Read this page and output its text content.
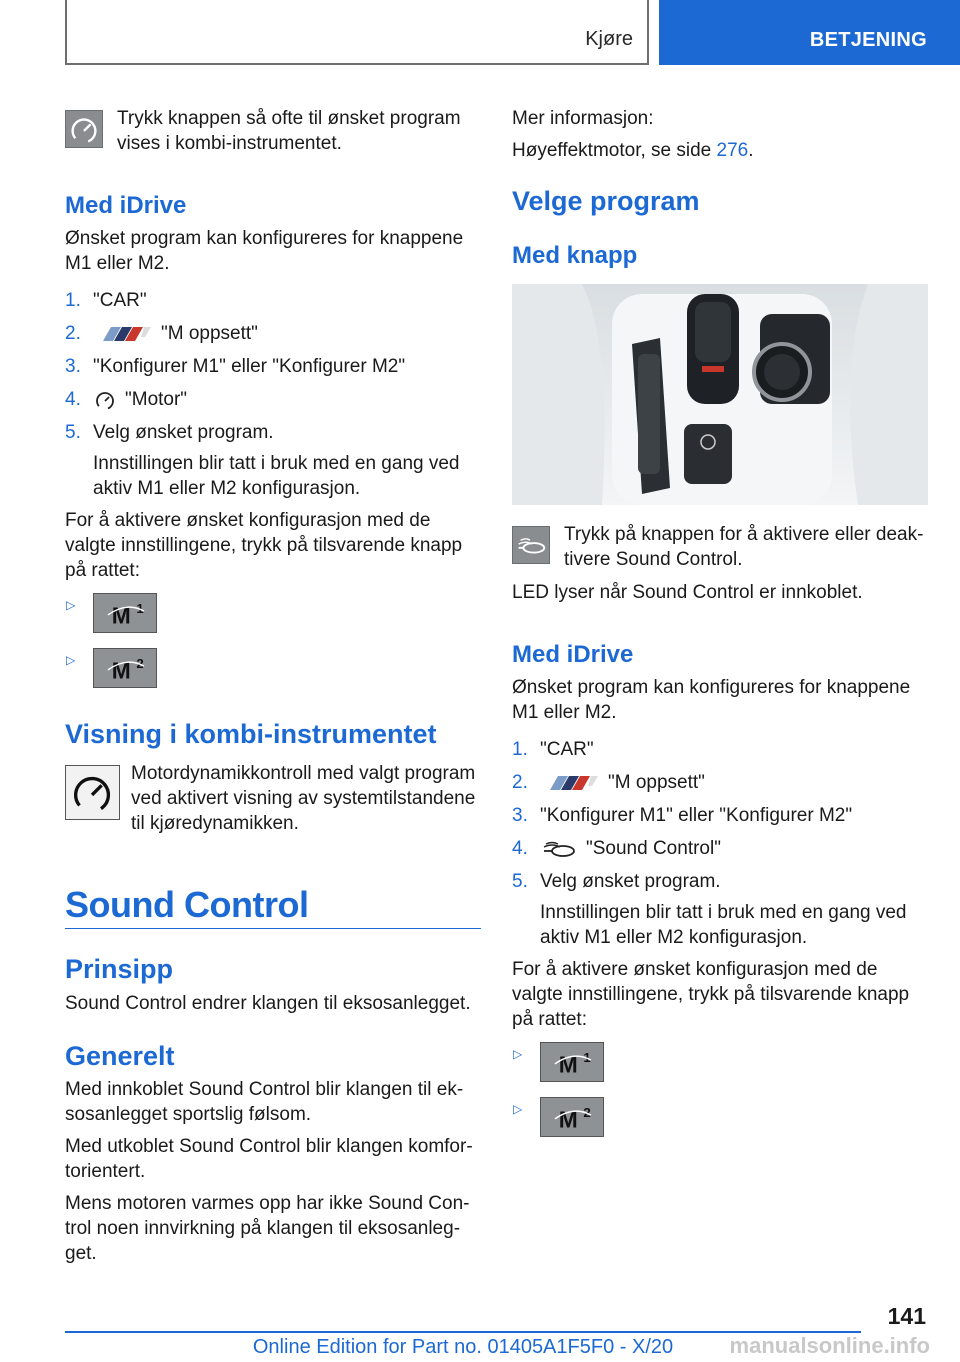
Kjøre	BETJENING
Trykk knappen så ofte til ønsket program vises i kombi-instrumentet.
Med iDrive
Ønsket program kan konfigureres for knappene M1 eller M2.
1. "CAR"
2.	"M oppsett"
3. "Konfigurer M1" eller "Konfigurer M2"
4. "Motor"
5. Velg ønsket program.
Innstillingen blir tatt i bruk med en gang ved aktiv M1 eller M2 konfigurasjon.
For å aktivere ønsket konfigurasjon med de valgte innstillingene, trykk på tilsvarende knapp på rattet:
▷ M 1
▷ M 2
Visning i kombi-instrumentet
Motordynamikkontroll med valgt program ved aktivert visning av systemtilstandene til kjøredynamikken.
Sound Control
Prinsipp
Sound Control endrer klangen til eksosanlegget.
Generelt
Med innkoblet Sound Control blir klangen til eksosanlegget sportslig følsom.
Med utkoblet Sound Control blir klangen komfortorientert.
Mens motoren varmes opp har ikke Sound Control noen innvirkning på klangen til eksosanlegget.
Mer informasjon:
Høyeffektmotor, se side 276.
Velge program
Med knapp
Trykk på knappen for å aktivere eller deaktivere Sound Control.
LED lyser når Sound Control er innkoblet.
Med iDrive
Ønsket program kan konfigureres for knappene M1 eller M2.
1. "CAR"
2.	"M oppsett"
3. "Konfigurer M1" eller "Konfigurer M2"
4.	"Sound Control"
5. Velg ønsket program.
Innstillingen blir tatt i bruk med en gang ved aktiv M1 eller M2 konfigurasjon.
For å aktivere ønsket konfigurasjon med de valgte innstillingene, trykk på tilsvarende knapp på rattet:
▷ M 1
▷ M 2
141
Online Edition for Part no. 01405A1F5F0 - X/20	manualsonline.info
